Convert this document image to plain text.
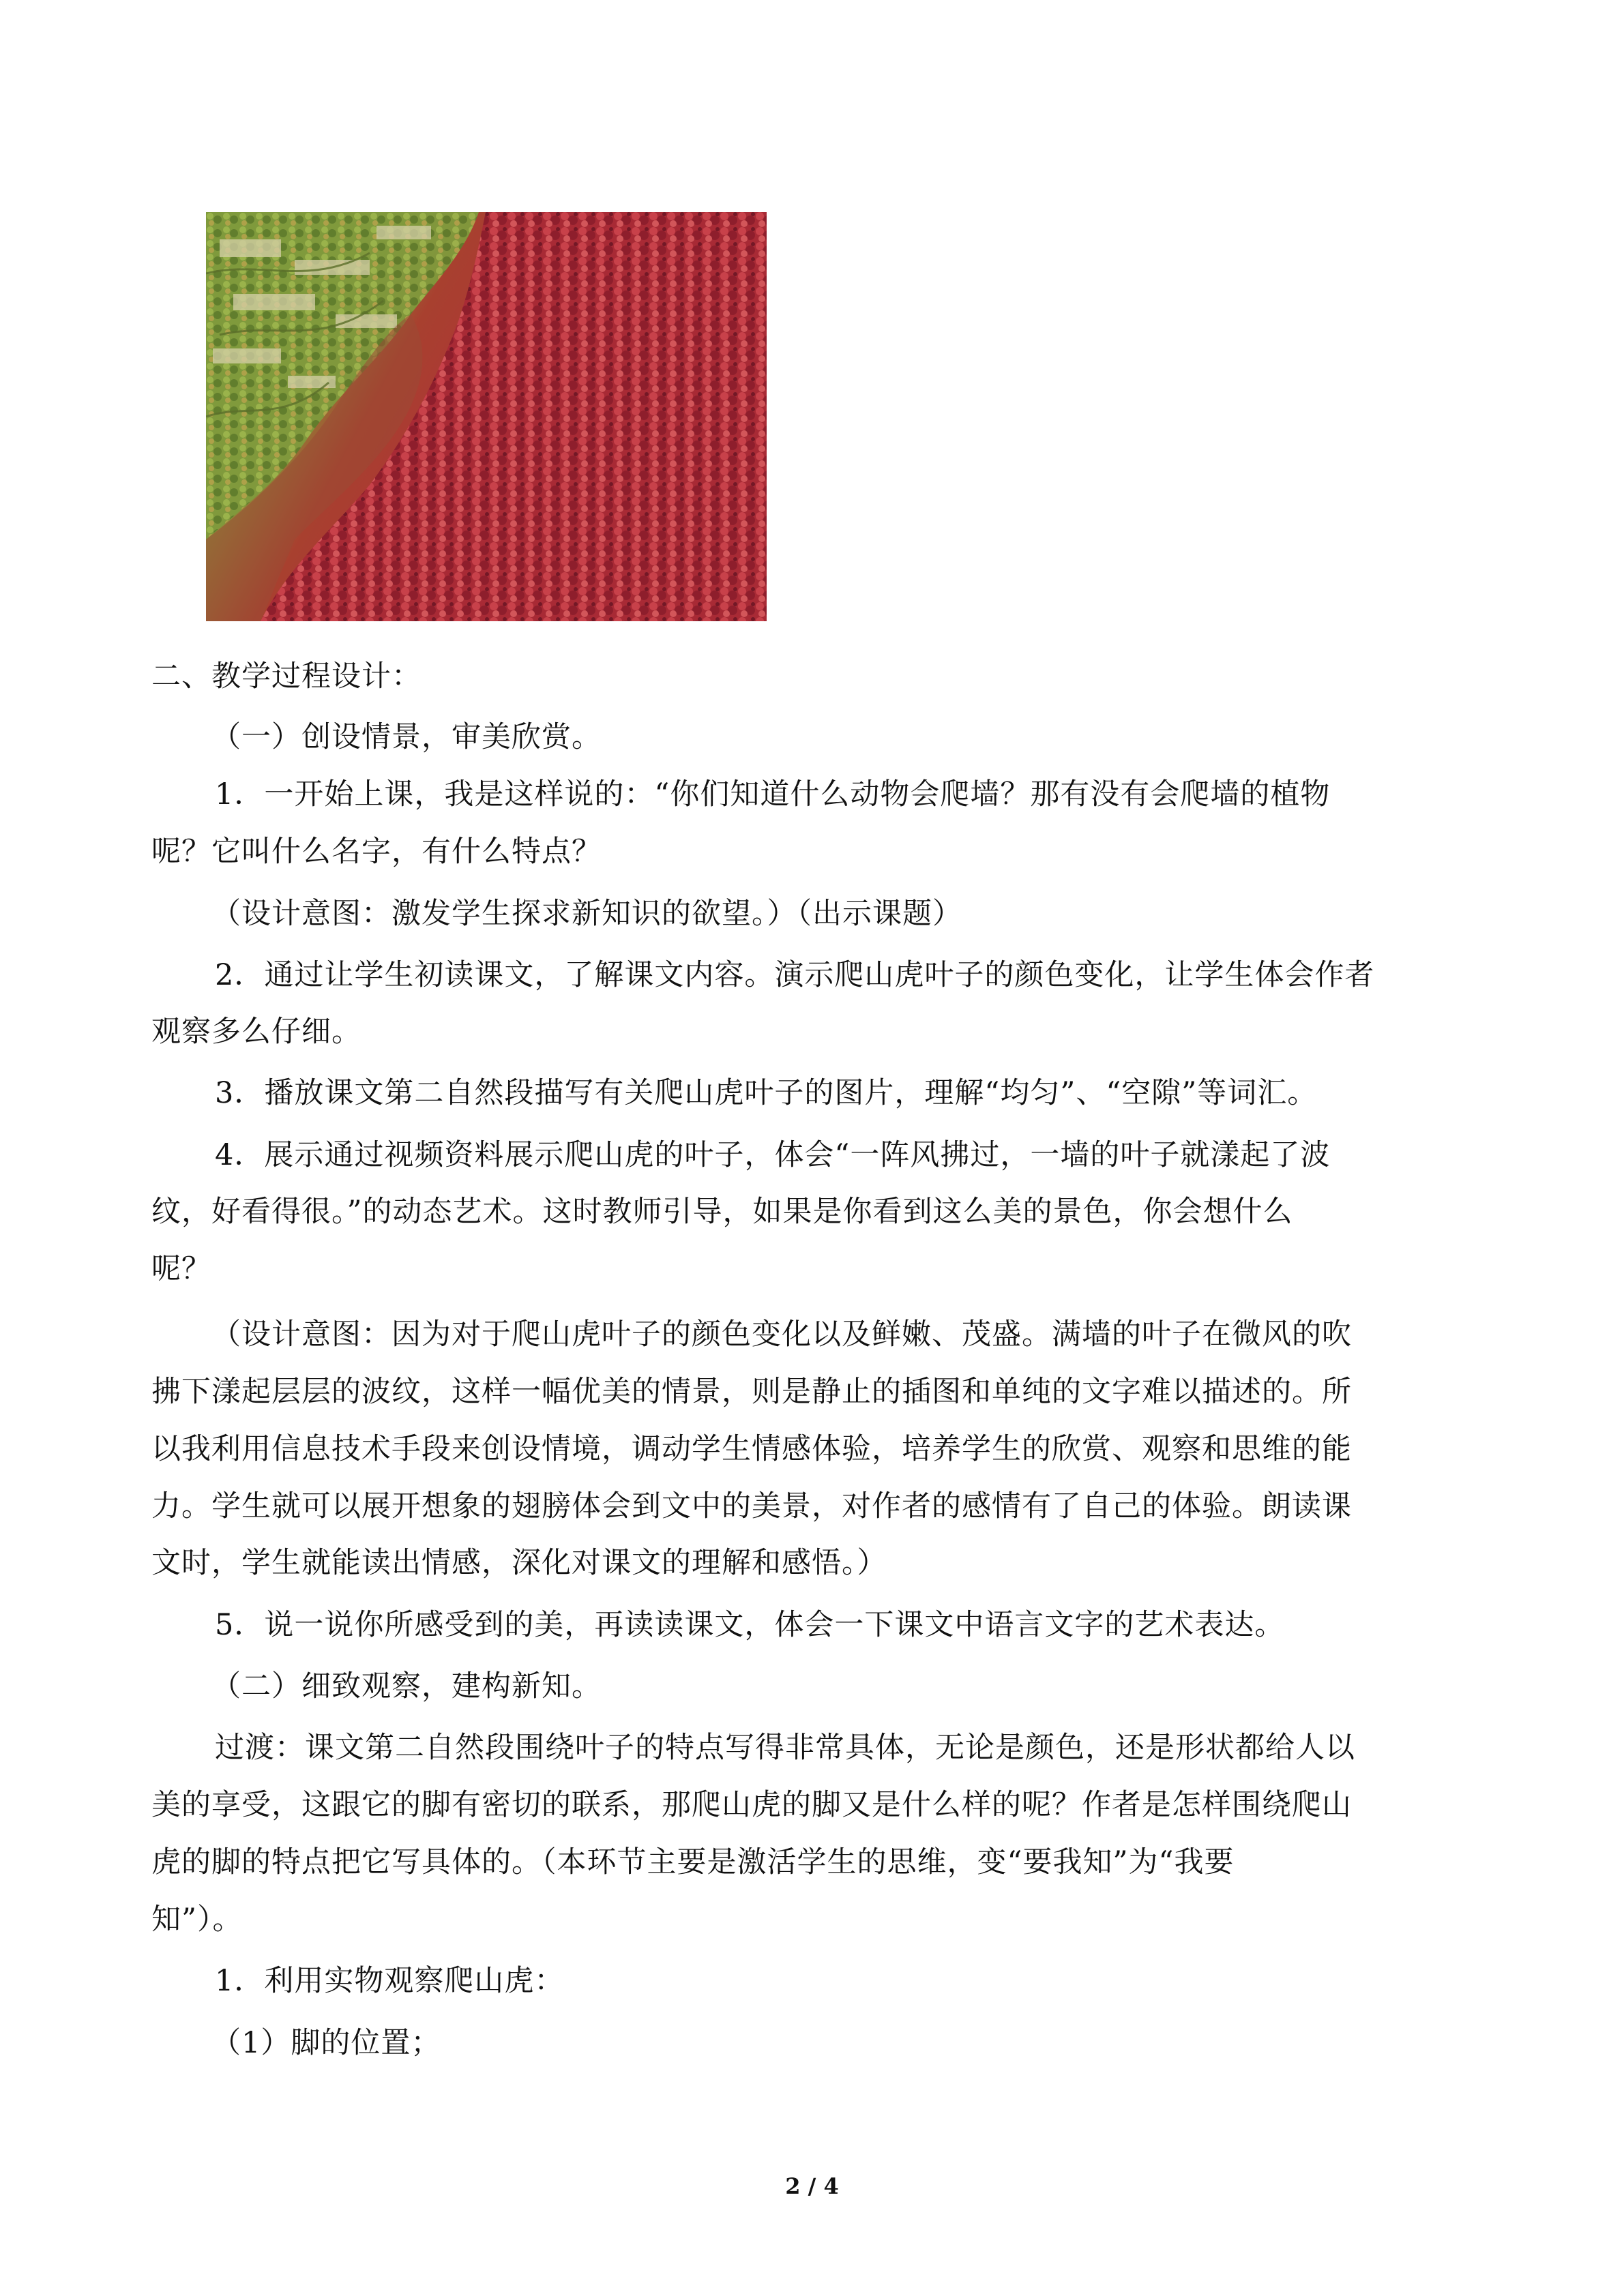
二、教学过程设计：
（一）创设情景，审美欣赏。
1．一开始上课，我是这样说的：“你们知道什么动物会爬墙？那有没有会爬墙的植物
呢？它叫什么名字，有什么特点？
（设计意图：激发学生探求新知识的欲望。）（出示课题）
2．通过让学生初读课文，了解课文内容。演示爬山虎叶子的颜色变化，让学生体会作者
观察多么仔细。
3．播放课文第二自然段描写有关爬山虎叶子的图片，理解“均匀”、“空隙”等词汇。
4．展示通过视频资料展示爬山虎的叶子，体会“一阵风拂过，一墙的叶子就漾起了波
纹，好看得很。”的动态艺术。这时教师引导，如果是你看到这么美的景色，你会想什么
呢？
（设计意图：因为对于爬山虎叶子的颜色变化以及鲜嫩、茂盛。满墙的叶子在微风的吹
拂下漾起层层的波纹，这样一幅优美的情景，则是静止的插图和单纯的文字难以描述的。所
以我利用信息技术手段来创设情境，调动学生情感体验，培养学生的欣赏、观察和思维的能
力。学生就可以展开想象的翅膀体会到文中的美景，对作者的感情有了自己的体验。朗读课
文时，学生就能读出情感，深化对课文的理解和感悟。）
5．说一说你所感受到的美，再读读课文，体会一下课文中语言文字的艺术表达。
（二）细致观察，建构新知。
过渡：课文第二自然段围绕叶子的特点写得非常具体，无论是颜色，还是形状都给人以
美的享受，这跟它的脚有密切的联系，那爬山虎的脚又是什么样的呢？作者是怎样围绕爬山
虎的脚的特点把它写具体的。（本环节主要是激活学生的思维，变“要我知”为“我要
知”）。
1．利用实物观察爬山虎：
（1）脚的位置；
2 / 4
